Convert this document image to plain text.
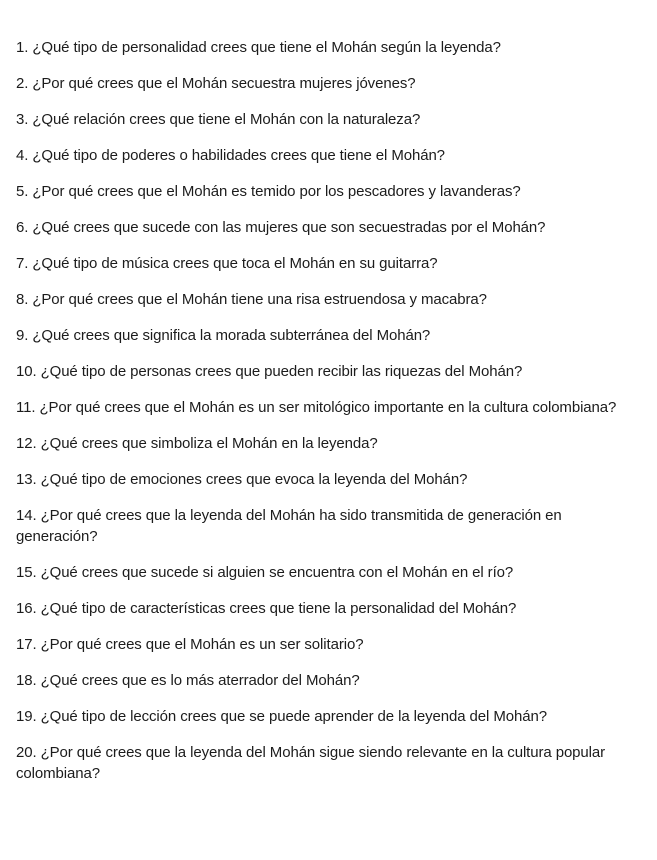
1. ¿Qué tipo de personalidad crees que tiene el Mohán según la leyenda?
2. ¿Por qué crees que el Mohán secuestra mujeres jóvenes?
3. ¿Qué relación crees que tiene el Mohán con la naturaleza?
4. ¿Qué tipo de poderes o habilidades crees que tiene el Mohán?
5. ¿Por qué crees que el Mohán es temido por los pescadores y lavanderas?
6. ¿Qué crees que sucede con las mujeres que son secuestradas por el Mohán?
7. ¿Qué tipo de música crees que toca el Mohán en su guitarra?
8. ¿Por qué crees que el Mohán tiene una risa estruendosa y macabra?
9. ¿Qué crees que significa la morada subterránea del Mohán?
10. ¿Qué tipo de personas crees que pueden recibir las riquezas del Mohán?
11. ¿Por qué crees que el Mohán es un ser mitológico importante en la cultura colombiana?
12. ¿Qué crees que simboliza el Mohán en la leyenda?
13. ¿Qué tipo de emociones crees que evoca la leyenda del Mohán?
14. ¿Por qué crees que la leyenda del Mohán ha sido transmitida de generación en generación?
15. ¿Qué crees que sucede si alguien se encuentra con el Mohán en el río?
16. ¿Qué tipo de características crees que tiene la personalidad del Mohán?
17. ¿Por qué crees que el Mohán es un ser solitario?
18. ¿Qué crees que es lo más aterrador del Mohán?
19. ¿Qué tipo de lección crees que se puede aprender de la leyenda del Mohán?
20. ¿Por qué crees que la leyenda del Mohán sigue siendo relevante en la cultura popular colombiana?
